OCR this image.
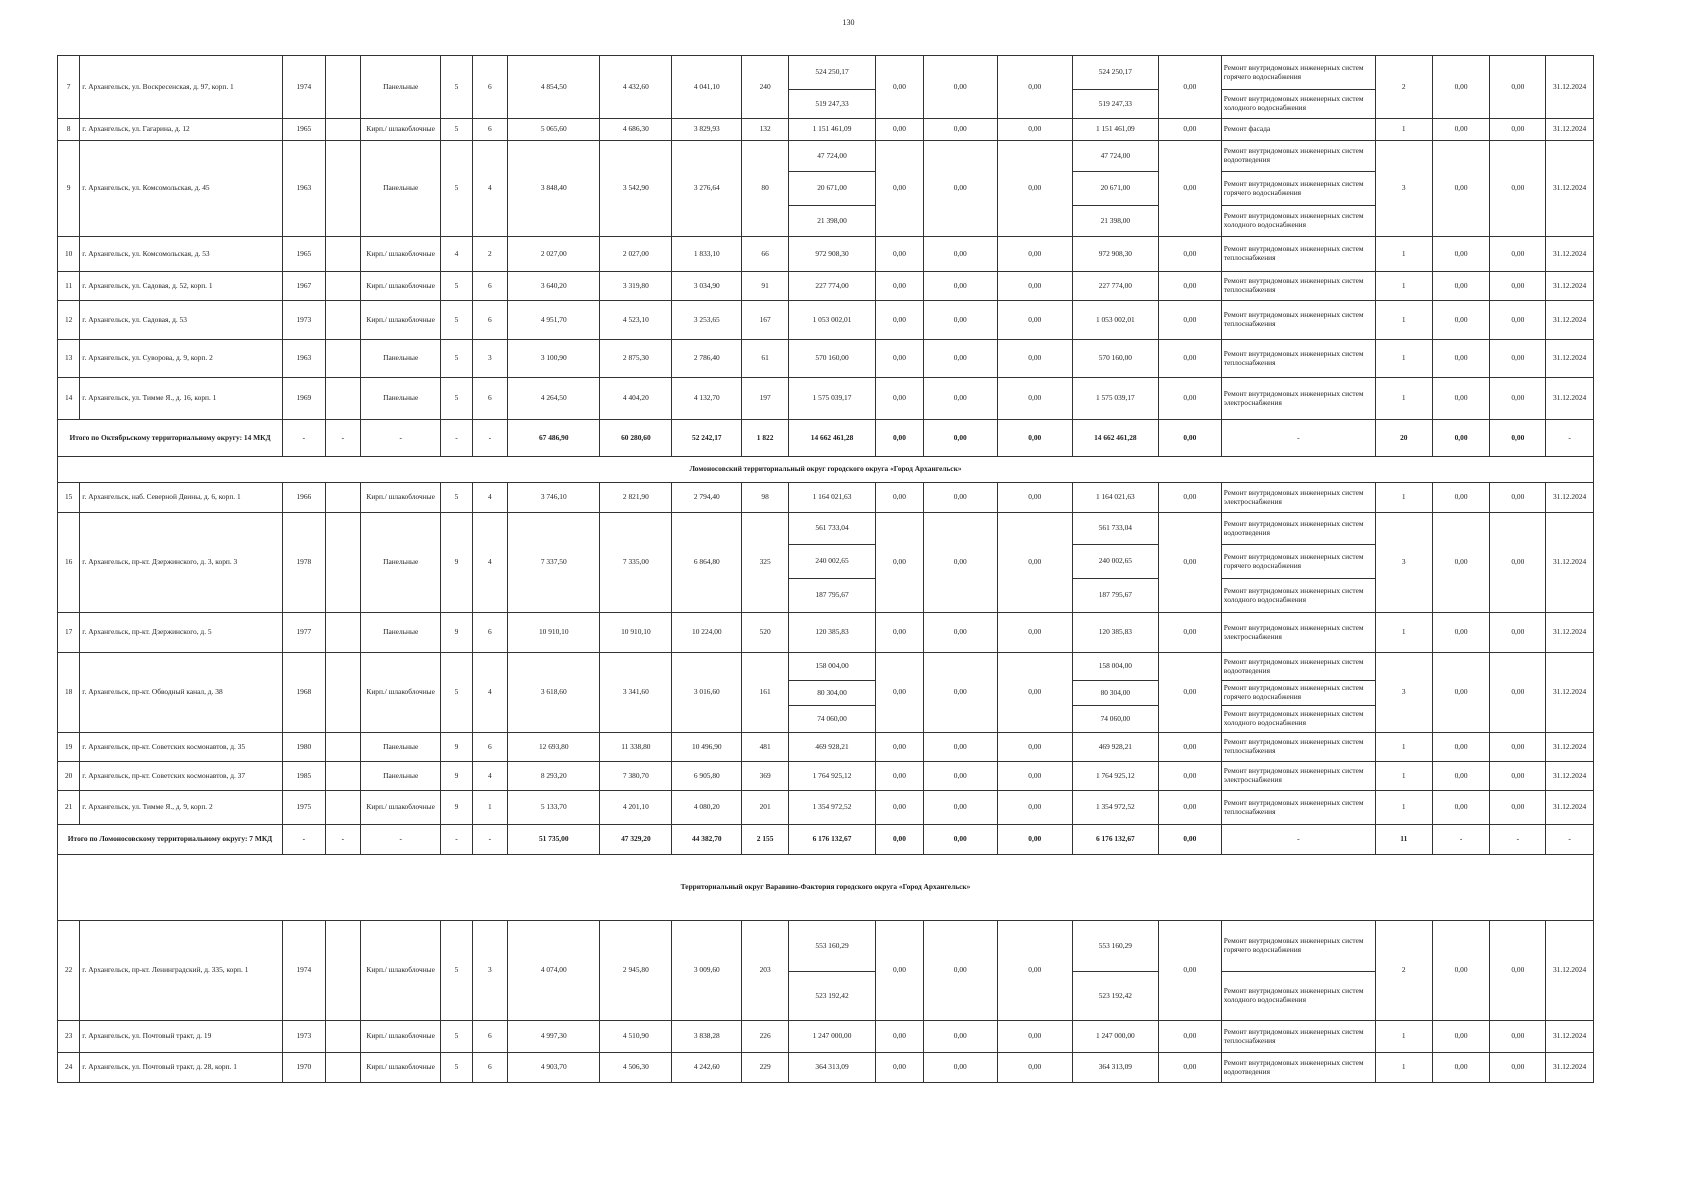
130
7	г. Архангельск, ул. Воскресенская, д. 97, корп. 1	1974		Панельные	5	6	4 854,50	4 432,60	4 041,10	240	524 250,17	0,00	0,00	0,00	524 250,17	0,00	Ремонт внутридомовых инженерных систем горячего водоснабжения	2	0,00	0,00	31.12.2024
											519 247,33				519 247,33		Ремонт внутридомовых инженерных систем холодного водоснабжения				
8	г. Архангельск, ул. Гагарина, д. 12	1965		Кирп./ шлакоблочные	5	6	5 065,60	4 686,30	3 829,93	132	1 151 461,09	0,00	0,00	0,00	1 151 461,09	0,00	Ремонт фасада	1	0,00	0,00	31.12.2024
9	г. Архангельск, ул. Комсомольская, д. 45	1963		Панельные	5	4	3 848,40	3 542,90	3 276,64	80	47 724,00	0,00	0,00	0,00	47 724,00	0,00	Ремонт внутридомовых инженерных систем водоотведения	3	0,00	0,00	31.12.2024
											20 671,00				20 671,00		Ремонт внутридомовых инженерных систем горячего водоснабжения				
											21 398,00				21 398,00		Ремонт внутридомовых инженерных систем холодного водоснабжения				
10	г. Архангельск, ул. Комсомольская, д. 53	1965		Кирп./ шлакоблочные	4	2	2 027,00	2 027,00	1 833,10	66	972 908,30	0,00	0,00	0,00	972 908,30	0,00	Ремонт внутридомовых инженерных систем теплоснабжения	1	0,00	0,00	31.12.2024
11	г. Архангельск, ул. Садовая, д. 52, корп. 1	1967		Кирп./ шлакоблочные	5	6	3 640,20	3 319,80	3 034,90	91	227 774,00	0,00	0,00	0,00	227 774,00	0,00	Ремонт внутридомовых инженерных систем теплоснабжения	1	0,00	0,00	31.12.2024
12	г. Архангельск, ул. Садовая, д. 53	1973		Кирп./ шлакоблочные	5	6	4 951,70	4 523,10	3 253,65	167	1 053 002,01	0,00	0,00	0,00	1 053 002,01	0,00	Ремонт внутридомовых инженерных систем теплоснабжения	1	0,00	0,00	31.12.2024
13	г. Архангельск, ул. Суворова, д. 9, корп. 2	1963		Панельные	5	3	3 100,90	2 875,30	2 786,40	61	570 160,00	0,00	0,00	0,00	570 160,00	0,00	Ремонт внутридомовых инженерных систем теплоснабжения	1	0,00	0,00	31.12.2024
14	г. Архангельск, ул. Тимме Я., д. 16, корп. 1	1969		Панельные	5	6	4 264,50	4 404,20	4 132,70	197	1 575 039,17	0,00	0,00	0,00	1 575 039,17	0,00	Ремонт внутридомовых инженерных систем электроснабжения	1	0,00	0,00	31.12.2024
Итого по Октябрьскому территориальному округу: 14 МКД		-	-	-	-	-	67 486,90	60 280,60	52 242,17	1 822	14 662 461,28	0,00	0,00	0,00	14 662 461,28	0,00	-	20	0,00	0,00	-
Ломоносовский территориальный округ городского округа «Город Архангельск»																					
15	г. Архангельск, наб. Северной Двины, д. 6, корп. 1	1966		Кирп./ шлакоблочные	5	4	3 746,10	2 821,90	2 794,40	98	1 164 021,63	0,00	0,00	0,00	1 164 021,63	0,00	Ремонт внутридомовых инженерных систем электроснабжения	1	0,00	0,00	31.12.2024
16	г. Архангельск, пр-кт. Дзержинского, д. 3, корп. 3	1978		Панельные	9	4	7 337,50	7 335,00	6 864,80	325	561 733,04	0,00	0,00	0,00	561 733,04	0,00	Ремонт внутридомовых инженерных систем водоотведения	3	0,00	0,00	31.12.2024
											240 002,65				240 002,65		Ремонт внутридомовых инженерных систем горячего водоснабжения				
											187 795,67				187 795,67		Ремонт внутридомовых инженерных систем холодного водоснабжения				
17	г. Архангельск, пр-кт. Дзержинского, д. 5	1977		Панельные	9	6	10 910,10	10 910,10	10 224,00	520	120 385,83	0,00	0,00	0,00	120 385,83	0,00	Ремонт внутридомовых инженерных систем электроснабжения	1	0,00	0,00	31.12.2024
18	г. Архангельск, пр-кт. Обводный канал, д. 38	1968		Кирп./ шлакоблочные	5	4	3 618,60	3 341,60	3 016,60	161	158 004,00	0,00	0,00	0,00	158 004,00	0,00	Ремонт внутридомовых инженерных систем водоотведения	3	0,00	0,00	31.12.2024
											80 304,00				80 304,00		Ремонт внутридомовых инженерных систем горячего водоснабжения				
											74 060,00				74 060,00		Ремонт внутридомовых инженерных систем холодного водоснабжения				
19	г. Архангельск, пр-кт. Советских космонавтов, д. 35	1980		Панельные	9	6	12 693,80	11 338,80	10 496,90	481	469 928,21	0,00	0,00	0,00	469 928,21	0,00	Ремонт внутридомовых инженерных систем теплоснабжения	1	0,00	0,00	31.12.2024
20	г. Архангельск, пр-кт. Советских космонавтов, д. 37	1985		Панельные	9	4	8 293,20	7 380,70	6 905,80	369	1 764 925,12	0,00	0,00	0,00	1 764 925,12	0,00	Ремонт внутридомовых инженерных систем электроснабжения	1	0,00	0,00	31.12.2024
21	г. Архангельск, ул. Тимме Я., д. 9, корп. 2	1975		Кирп./ шлакоблочные	9	1	5 133,70	4 201,10	4 080,20	201	1 354 972,52	0,00	0,00	0,00	1 354 972,52	0,00	Ремонт внутридомовых инженерных систем теплоснабжения	1	0,00	0,00	31.12.2024
Итого по Ломоносовскому территориальному округу: 7 МКД		-	-	-	-	-	51 735,00	47 329,20	44 382,70	2 155	6 176 132,67	0,00	0,00	0,00	6 176 132,67	0,00	-	11	-	-	-
Территориальный округ Варавино-Фактория городского округа «Город Архангельск»																					
22	г. Архангельск, пр-кт. Ленинградский, д. 335, корп. 1	1974		Кирп./ шлакоблочные	5	3	4 074,00	2 945,80	3 009,60	203	553 160,29	0,00	0,00	0,00	553 160,29	0,00	Ремонт внутридомовых инженерных систем горячего водоснабжения	2	0,00	0,00	31.12.2024
											523 192,42				523 192,42		Ремонт внутридомовых инженерных систем холодного водоснабжения				
23	г. Архангельск, ул. Почтовый тракт, д. 19	1973		Кирп./ шлакоблочные	5	6	4 997,30	4 510,90	3 838,28	226	1 247 000,00	0,00	0,00	0,00	1 247 000,00	0,00	Ремонт внутридомовых инженерных систем теплоснабжения	1	0,00	0,00	31.12.2024
24	г. Архангельск, ул. Почтовый тракт, д. 28, корп. 1	1970		Кирп./ шлакоблочные	5	6	4 903,70	4 506,30	4 242,60	229	364 313,09	0,00	0,00	0,00	364 313,09	0,00	Ремонт внутридомовых инженерных систем водоотведения	1	0,00	0,00	31.12.2024
